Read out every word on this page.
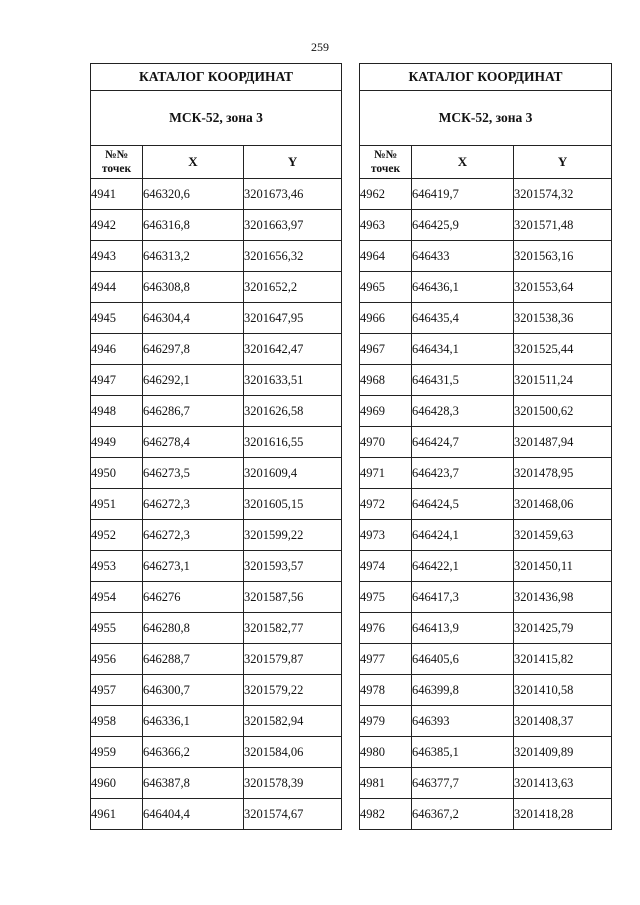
259
КАТАЛОГ КООРДИНАТ		
МСК-52, зона 3		
№№ точек	X	Y
4941	646320,6	3201673,46
4942	646316,8	3201663,97
4943	646313,2	3201656,32
4944	646308,8	3201652,2
4945	646304,4	3201647,95
4946	646297,8	3201642,47
4947	646292,1	3201633,51
4948	646286,7	3201626,58
4949	646278,4	3201616,55
4950	646273,5	3201609,4
4951	646272,3	3201605,15
4952	646272,3	3201599,22
4953	646273,1	3201593,57
4954	646276	3201587,56
4955	646280,8	3201582,77
4956	646288,7	3201579,87
4957	646300,7	3201579,22
4958	646336,1	3201582,94
4959	646366,2	3201584,06
4960	646387,8	3201578,39
4961	646404,4	3201574,67
КАТАЛОГ КООРДИНАТ		
МСК-52, зона 3		
№№ точек	X	Y
4962	646419,7	3201574,32
4963	646425,9	3201571,48
4964	646433	3201563,16
4965	646436,1	3201553,64
4966	646435,4	3201538,36
4967	646434,1	3201525,44
4968	646431,5	3201511,24
4969	646428,3	3201500,62
4970	646424,7	3201487,94
4971	646423,7	3201478,95
4972	646424,5	3201468,06
4973	646424,1	3201459,63
4974	646422,1	3201450,11
4975	646417,3	3201436,98
4976	646413,9	3201425,79
4977	646405,6	3201415,82
4978	646399,8	3201410,58
4979	646393	3201408,37
4980	646385,1	3201409,89
4981	646377,7	3201413,63
4982	646367,2	3201418,28
